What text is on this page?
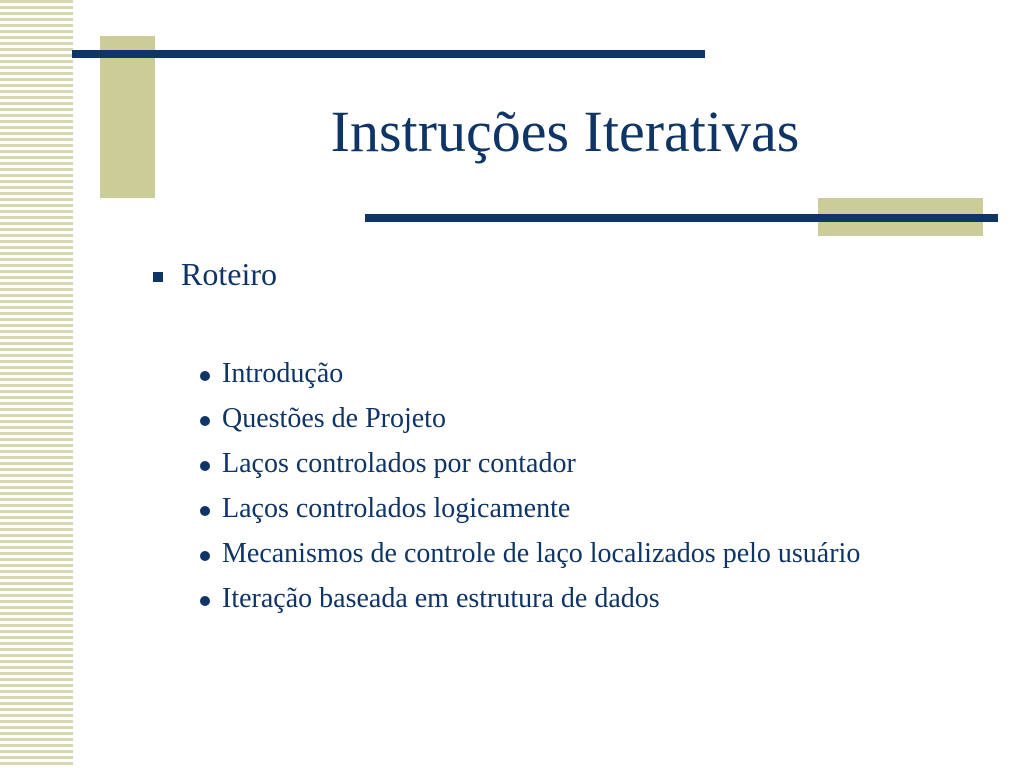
Instruções Iterativas
Roteiro
Introdução
Questões de Projeto
Laços controlados por contador
Laços controlados logicamente
Mecanismos de controle de laço localizados pelo usuário
Iteração baseada em estrutura de dados
